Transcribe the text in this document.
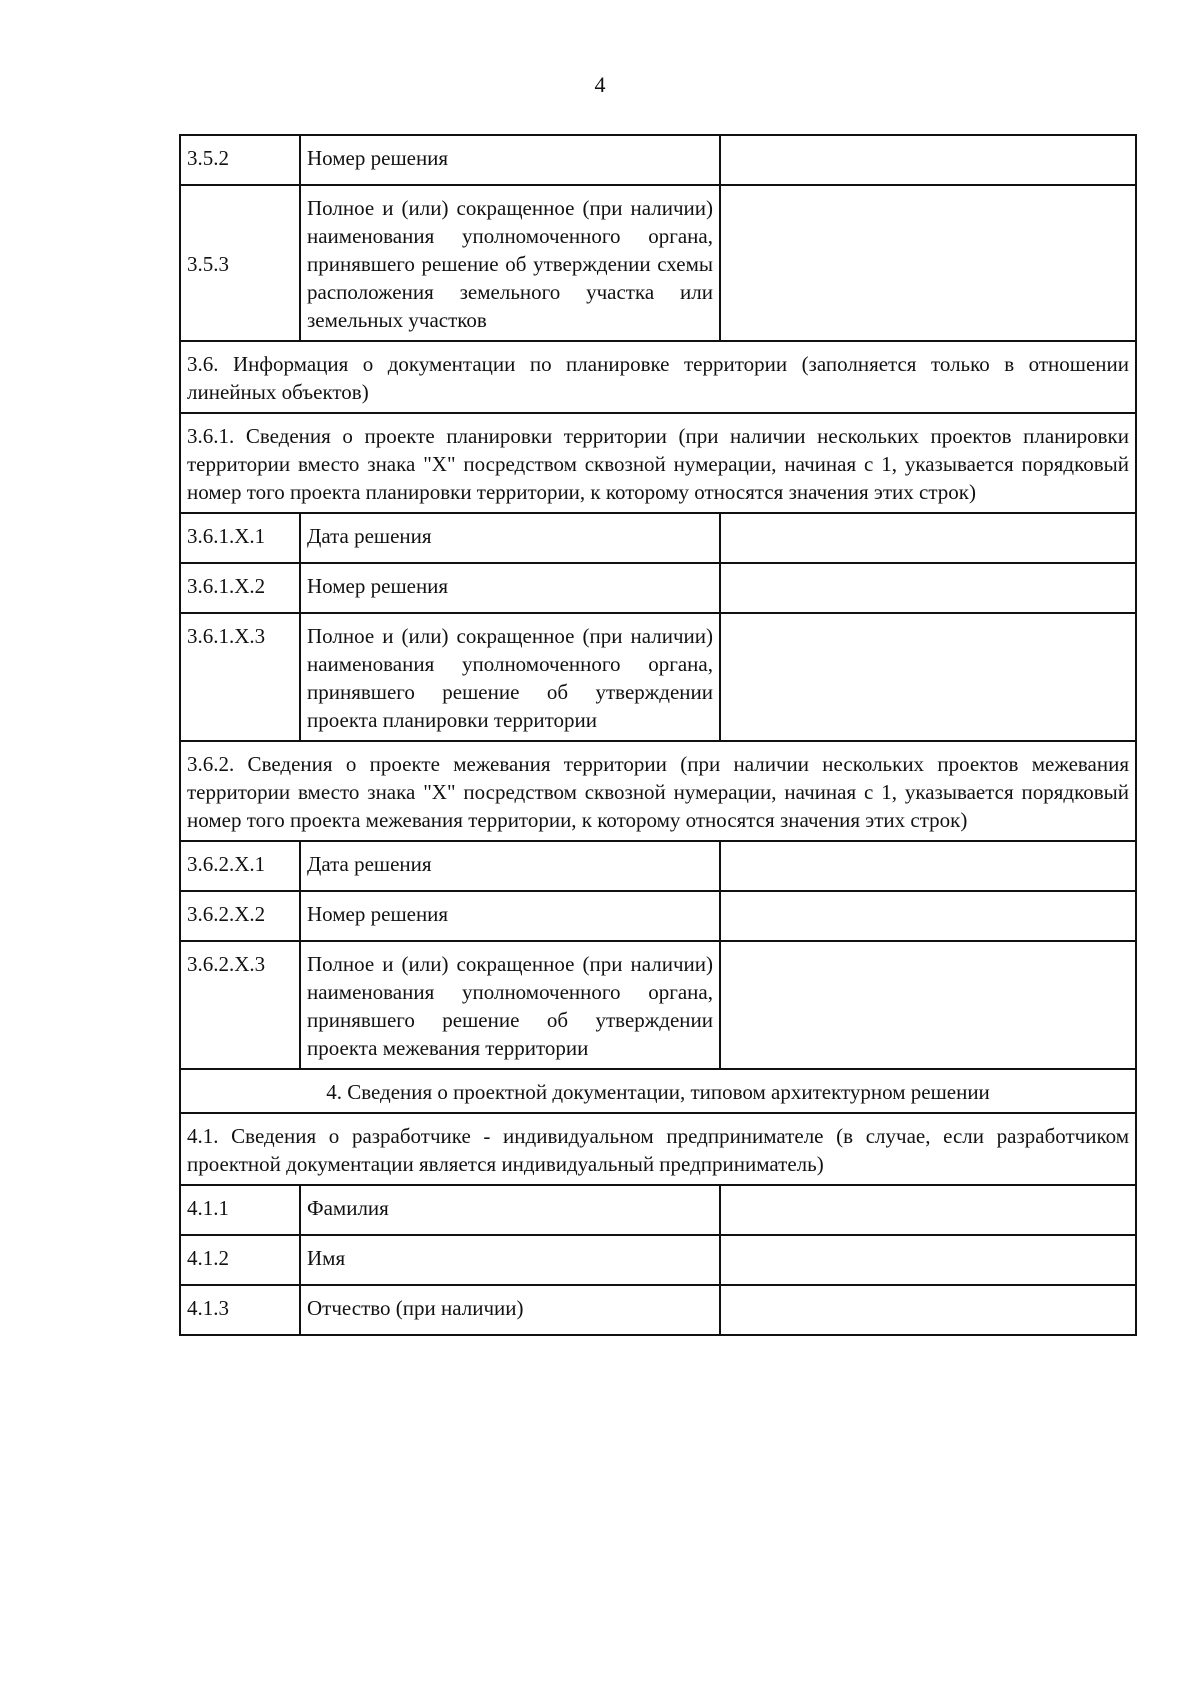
4
3.5.2	Номер решения	
3.5.3	Полное и (или) сокращенное (при наличии) наименования уполномоченного органа, принявшего решение об утверждении схемы расположения земельного участка или земельных участков	
3.6. Информация о документации по планировке территории (заполняется только в отношении линейных объектов)		
3.6.1. Сведения о проекте планировки территории (при наличии нескольких проектов планировки территории вместо знака "X" посредством сквозной нумерации, начиная с 1, указывается порядковый номер того проекта планировки территории, к которому относятся значения этих строк)		
3.6.1.X.1	Дата решения	
3.6.1.X.2	Номер решения	
3.6.1.X.3	Полное и (или) сокращенное (при наличии) наименования уполномоченного органа, принявшего решение об утверждении проекта планировки территории	
3.6.2. Сведения о проекте межевания территории (при наличии нескольких проектов межевания территории вместо знака "X" посредством сквозной нумерации, начиная с 1, указывается порядковый номер того проекта межевания территории, к которому относятся значения этих строк)		
3.6.2.X.1	Дата решения	
3.6.2.X.2	Номер решения	
3.6.2.X.3	Полное и (или) сокращенное (при наличии) наименования уполномоченного органа, принявшего решение об утверждении проекта межевания территории	
4. Сведения о проектной документации, типовом архитектурном решении		
4.1. Сведения о разработчике - индивидуальном предпринимателе (в случае, если разработчиком проектной документации является индивидуальный предприниматель)		
4.1.1	Фамилия	
4.1.2	Имя	
4.1.3	Отчество (при наличии)	
